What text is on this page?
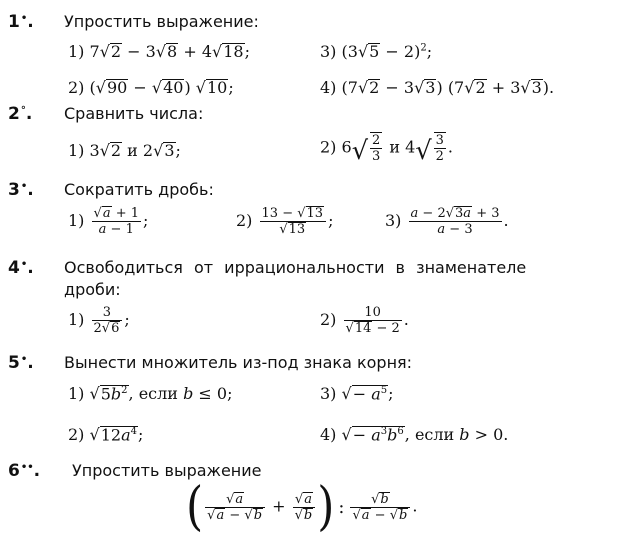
1•. Упростить выражение:
1) 7√2 − 3√8 + 4√18;	3) $(3√5 - 2)^2$;
2) (√90 − √40) √10;	4) (7√2 − 3√3) (7√2 + 3√3).
2°. Сравнить числа:
1) 3√2 и 2√3;	2) $6√ \frac{2}{3}$ и $4√ \frac{3}{2}$ .
3•. Сократить дробь:
$1) \frac{√a + 1}{a - 1}$ ;	$2) \frac{13 - √13}{√13}$ ;	$3) \frac{a - 2√3a + 3}{a - 3}$ .
4•. Освободиться от иррациональности в знаменателе
дроби:
$1) \frac{3}{2√6}$ ;	$2) \frac{10}{√14 - 2}$ .
5•. Вынести множитель из-под знака корня:
1) $√5b^2$, если b ≤ 0;	3) √− $a^5$;
2) $√12a^4$;	4) √− $a^3b^6$, если b > 0.
6••. Упростить выражение
( $\frac{√a}{√a - √b} + \frac{√a}{√b}$ ) : $\frac{√b}{√a - √b}$ .
